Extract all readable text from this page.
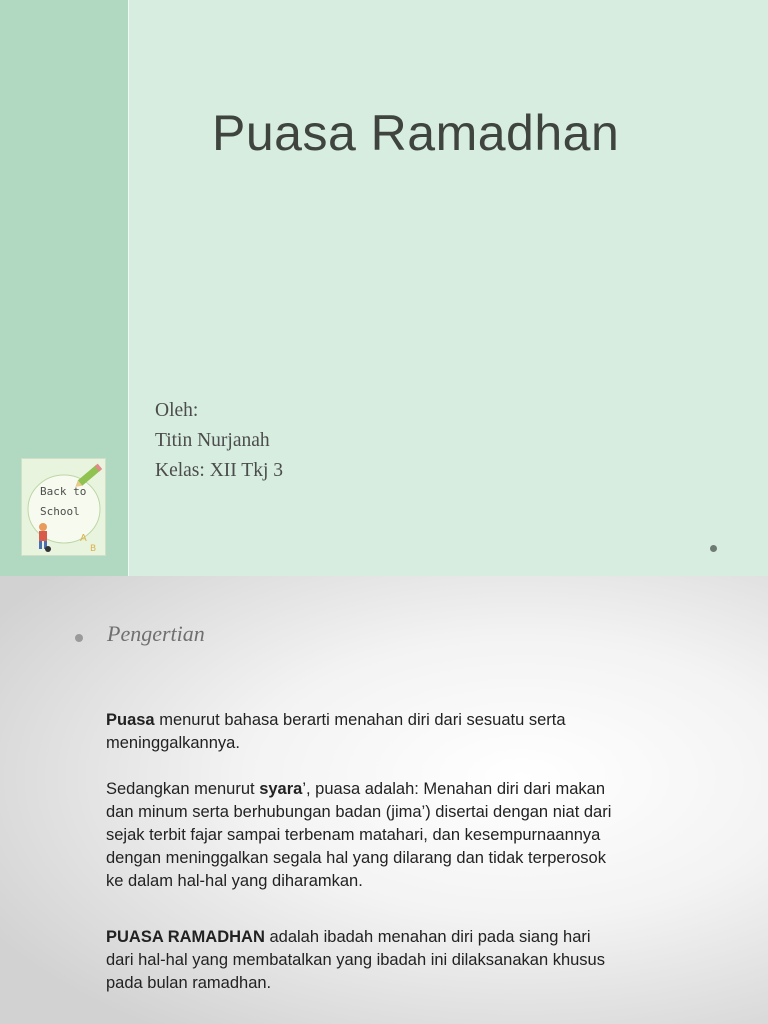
Puasa Ramadhan
Oleh:
Titin Nurjanah
Kelas: XII Tkj 3
A
B
Back to
School
Pengertian

Puasa menurut bahasa berarti menahan diri dari sesuatu serta
meninggalkannya.

Sedangkan menurut syara’, puasa adalah: Menahan diri dari makan
dan minum serta berhubungan badan (jima’) disertai dengan niat dari
sejak terbit fajar sampai terbenam matahari, dan kesempurnaannya
dengan meninggalkan segala hal yang dilarang dan tidak terperosok
ke dalam hal-hal yang diharamkan.

PUASA RAMADHAN adalah ibadah menahan diri pada siang hari
dari hal-hal yang membatalkan yang ibadah ini dilaksanakan khusus
pada bulan ramadhan.
